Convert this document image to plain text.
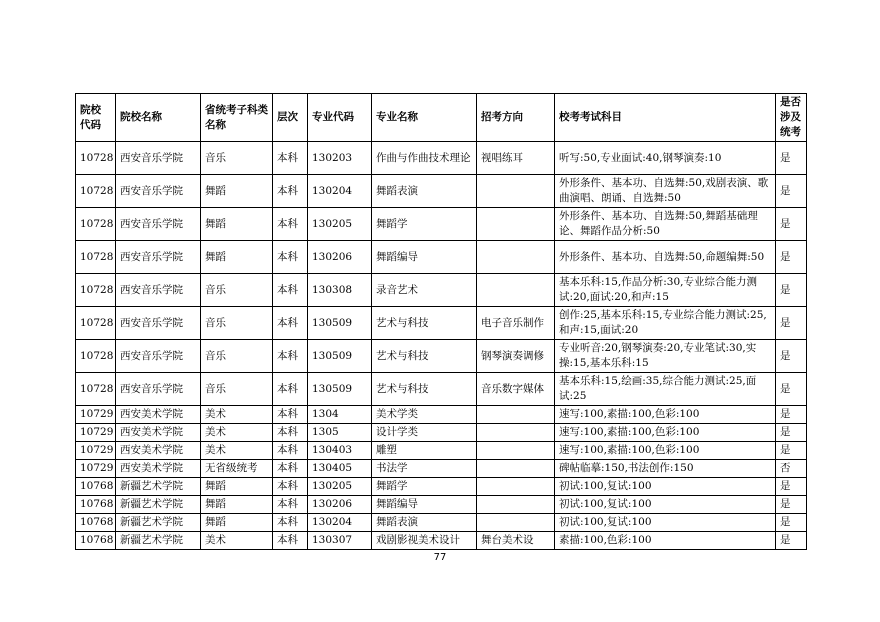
院校代码	院校名称	省统考子科类名称	层次	专业代码	专业名称	招考方向	校考考试科目	是否涉及统考
10728	西安音乐学院	音乐	本科	130203	作曲与作曲技术理论	视唱练耳	听写:50,专业面试:40,钢琴演奏:10	是
10728	西安音乐学院	舞蹈	本科	130204	舞蹈表演		外形条件、基本功、自选舞:50,戏剧表演、歌曲演唱、朗诵、自选舞:50	是
10728	西安音乐学院	舞蹈	本科	130205	舞蹈学		外形条件、基本功、自选舞:50,舞蹈基础理论、舞蹈作品分析:50	是
10728	西安音乐学院	舞蹈	本科	130206	舞蹈编导		外形条件、基本功、自选舞:50,命题编舞:50	是
10728	西安音乐学院	音乐	本科	130308	录音艺术		基本乐科:15,作品分析:30,专业综合能力测试:20,面试:20,和声:15	是
10728	西安音乐学院	音乐	本科	130509	艺术与科技	电子音乐制作	创作:25,基本乐科:15,专业综合能力测试:25,和声:15,面试:20	是
10728	西安音乐学院	音乐	本科	130509	艺术与科技	钢琴演奏调修	专业听音:20,钢琴演奏:20,专业笔试:30,实操:15,基本乐科:15	是
10728	西安音乐学院	音乐	本科	130509	艺术与科技	音乐数字媒体	基本乐科:15,绘画:35,综合能力测试:25,面试:25	是
10729	西安美术学院	美术	本科	1304	美术学类		速写:100,素描:100,色彩:100	是
10729	西安美术学院	美术	本科	1305	设计学类		速写:100,素描:100,色彩:100	是
10729	西安美术学院	美术	本科	130403	雕塑		速写:100,素描:100,色彩:100	是
10729	西安美术学院	无省级统考	本科	130405	书法学		碑帖临摹:150,书法创作:150	否
10768	新疆艺术学院	舞蹈	本科	130205	舞蹈学		初试:100,复试:100	是
10768	新疆艺术学院	舞蹈	本科	130206	舞蹈编导		初试:100,复试:100	是
10768	新疆艺术学院	舞蹈	本科	130204	舞蹈表演		初试:100,复试:100	是
10768	新疆艺术学院	美术	本科	130307	戏剧影视美术设计	舞台美术设	素描:100,色彩:100	是
77
